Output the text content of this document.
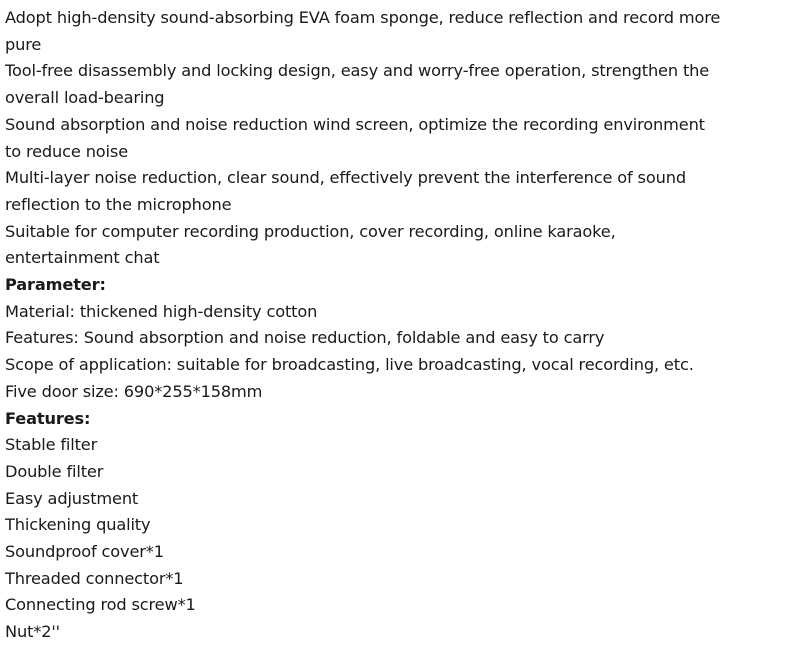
Adopt high-density sound-absorbing EVA foam sponge, reduce reflection and record more pure

Tool-free disassembly and locking design, easy and worry-free operation, strengthen the overall load-bearing

Sound absorption and noise reduction wind screen, optimize the recording environment to reduce noise

Multi-layer noise reduction, clear sound, effectively prevent the interference of sound reflection to the microphone

Suitable for computer recording production, cover recording, online karaoke, entertainment chat

Parameter:

Material: thickened high-density cotton

Features: Sound absorption and noise reduction, foldable and easy to carry

Scope of application: suitable for broadcasting, live broadcasting, vocal recording, etc.

Five door size: 690*255*158mm

Features:

Stable filter

Double filter

Easy adjustment

Thickening quality

Soundproof cover*1

Threaded connector*1

Connecting rod screw*1

Nut*2''
